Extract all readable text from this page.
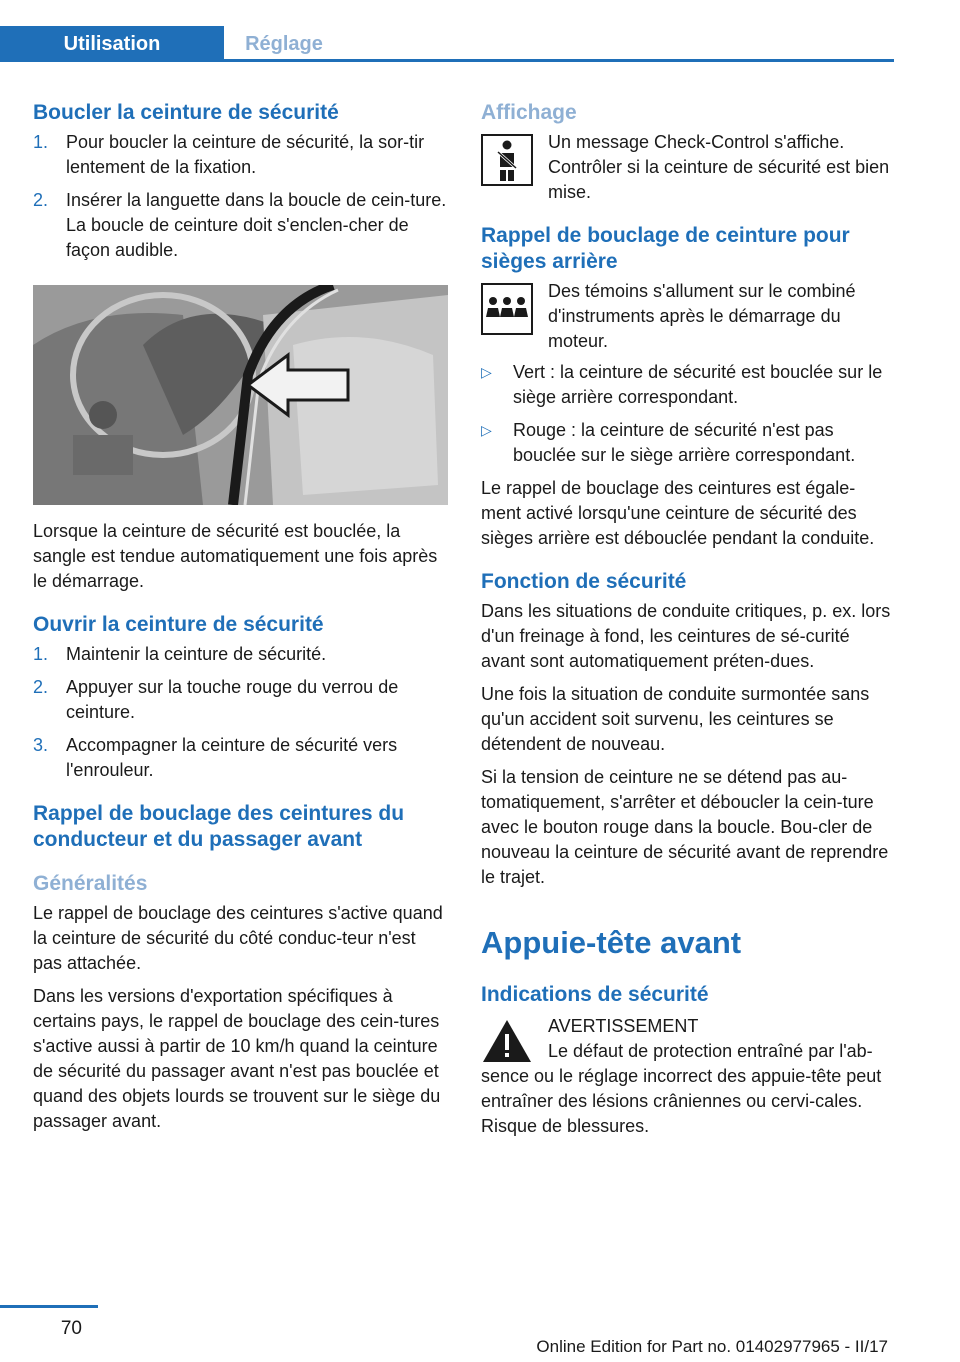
Utilisation	Réglage
Boucler la ceinture de sécurité
1. Pour boucler la ceinture de sécurité, la sor-tir lentement de la fixation.
2. Insérer la languette dans la boucle de cein-ture. La boucle de ceinture doit s'enclen-cher de façon audible.

Lorsque la ceinture de sécurité est bouclée, la sangle est tendue automatiquement une fois après le démarrage.

Ouvrir la ceinture de sécurité
1. Maintenir la ceinture de sécurité.
2. Appuyer sur la touche rouge du verrou de ceinture.
3. Accompagner la ceinture de sécurité vers l'enrouleur.
Rappel de bouclage des ceintures du conducteur et du passager avant
Généralités

Le rappel de bouclage des ceintures s'active quand la ceinture de sécurité du côté conduc-teur n'est pas attachée.

Dans les versions d'exportation spécifiques à certains pays, le rappel de bouclage des cein-tures s'active aussi à partir de 10 km/h quand la ceinture de sécurité du passager avant n'est pas bouclée et quand des objets lourds se trouvent sur le siège du passager avant.

Affichage

Un message Check-Control s'affiche. Contrôler si la ceinture de sécurité est bien mise.

Rappel de bouclage de ceinture pour sièges arrière

Des témoins s'allument sur le combiné d'instruments après le démarrage du moteur.

▷ Vert : la ceinture de sécurité est bouclée sur le siège arrière correspondant.
▷ Rouge : la ceinture de sécurité n'est pas bouclée sur le siège arrière correspondant.

Le rappel de bouclage des ceintures est égale-ment activé lorsqu'une ceinture de sécurité des sièges arrière est débouclée pendant la conduite.

Fonction de sécurité

Dans les situations de conduite critiques, p. ex. lors d'un freinage à fond, les ceintures de sé-curité avant sont automatiquement préten-dues.

Une fois la situation de conduite surmontée sans qu'un accident soit survenu, les ceintures se détendent de nouveau.

Si la tension de ceinture ne se détend pas au-tomatiquement, s'arrêter et déboucler la cein-ture avec le bouton rouge dans la boucle. Bou-cler de nouveau la ceinture de sécurité avant de reprendre le trajet.

Appuie-tête avant
Indications de sécurité

AVERTISSEMENT

Le défaut de protection entraîné par l'ab-sence ou le réglage incorrect des appuie-tête peut entraîner des lésions crâniennes ou cervi-cales. Risque de blessures.

70
Online Edition for Part no. 01402977965 - II/17
